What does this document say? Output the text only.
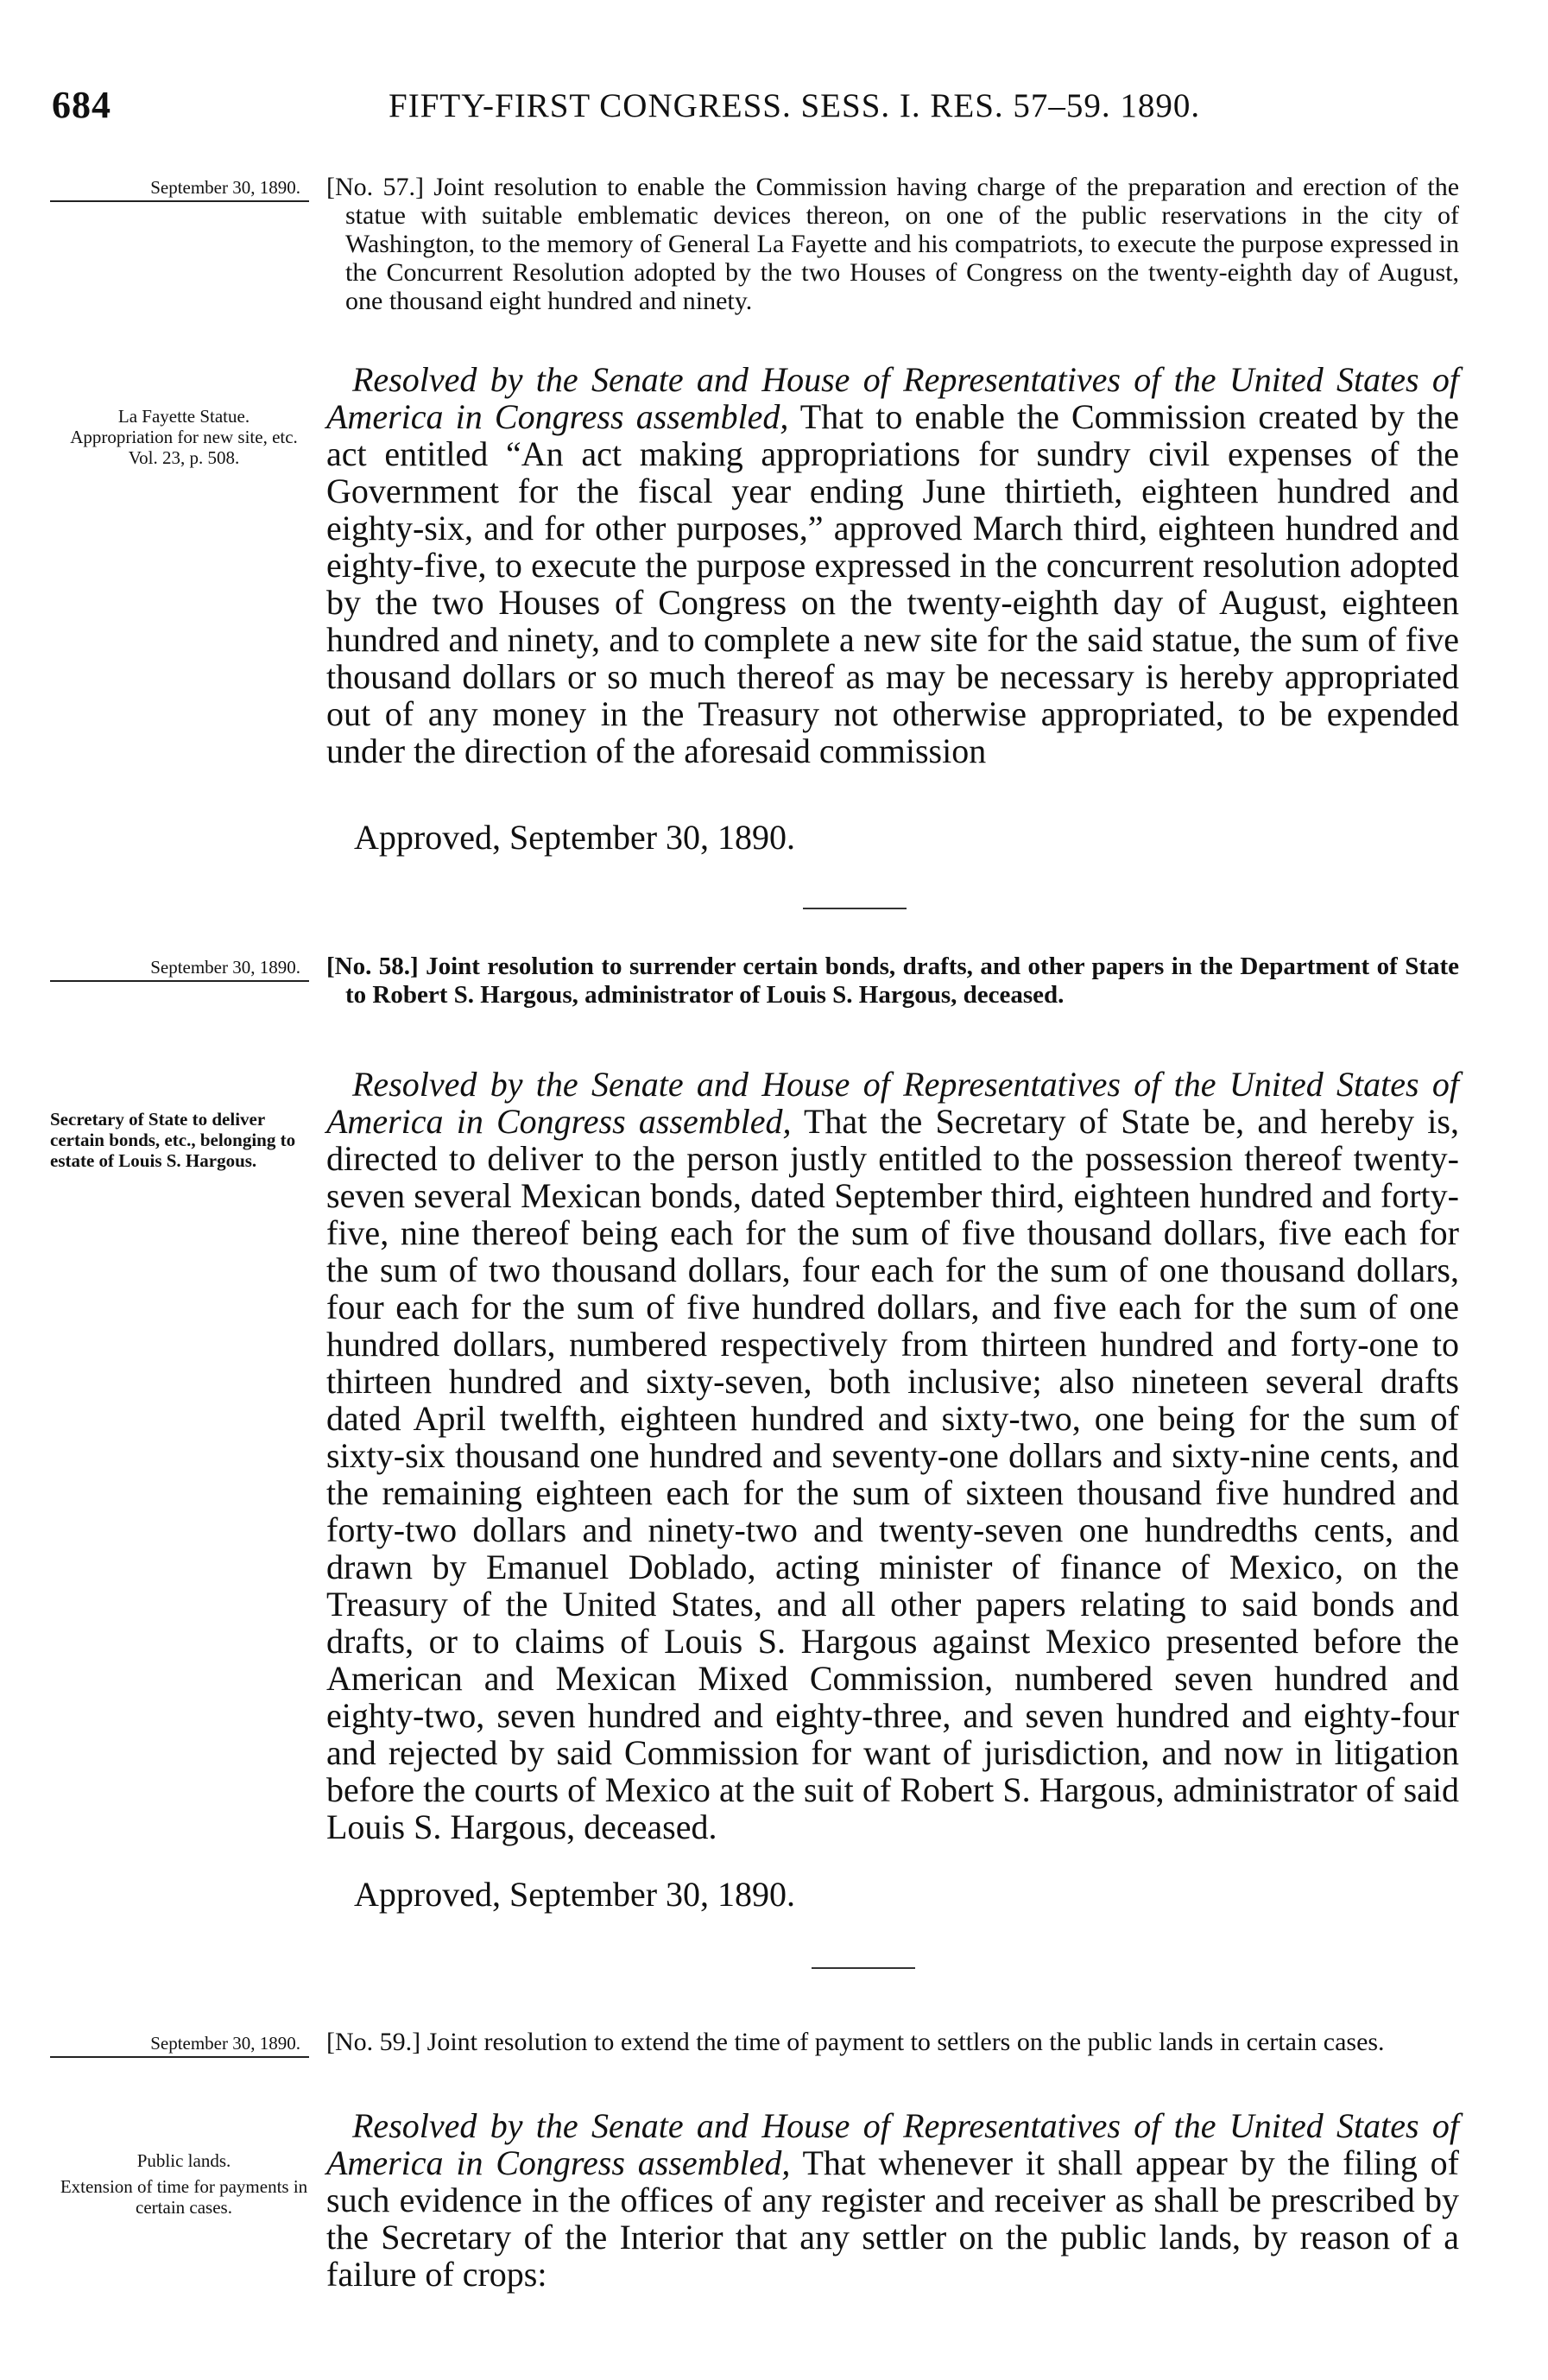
684	FIFTY-FIRST CONGRESS. SESS. I. RES. 57–59. 1890.
September 30, 1890. [No. 57.] Joint resolution to enable the Commission having charge of the preparation and erection of the statue with suitable emblematic devices thereon, on one of the public reservations in the city of Washington, to the memory of General La Fayette and his compatriots, to execute the purpose expressed in the Concurrent Resolution adopted by the two Houses of Congress on the twenty-eighth day of August, one thousand eight hundred and ninety.
La Fayette Statue.
Appropriation for new site, etc.
Vol. 23, p. 508.

Resolved by the Senate and House of Representatives of the United States of America in Congress assembled, That to enable the Commission created by the act entitled “An act making appropriations for sundry civil expenses of the Government for the fiscal year ending June thirtieth, eighteen hundred and eighty-six, and for other purposes,” approved March third, eighteen hundred and eighty-five, to execute the purpose expressed in the concurrent resolution adopted by the two Houses of Congress on the twenty-eighth day of August, eighteen hundred and ninety, and to complete a new site for the said statue, the sum of five thousand dollars or so much thereof as may be necessary is hereby appropriated out of any money in the Treasury not otherwise appropriated, to be expended under the direction of the aforesaid commission

Approved, September 30, 1890.
September 30, 1890. [No. 58.] Joint resolution to surrender certain bonds, drafts, and other papers in the Department of State to Robert S. Hargous, administrator of Louis S. Hargous, deceased.
Secretary of State to deliver certain bonds, etc., belonging to estate of Louis S. Hargous.

Resolved by the Senate and House of Representatives of the United States of America in Congress assembled, That the Secretary of State be, and hereby is, directed to deliver to the person justly entitled to the possession thereof twenty-seven several Mexican bonds, dated September third, eighteen hundred and forty-five, nine thereof being each for the sum of five thousand dollars, five each for the sum of two thousand dollars, four each for the sum of one thousand dollars, four each for the sum of five hundred dollars, and five each for the sum of one hundred dollars, numbered respectively from thirteen hundred and forty-one to thirteen hundred and sixty-seven, both inclusive; also nineteen several drafts dated April twelfth, eighteen hundred and sixty-two, one being for the sum of sixty-six thousand one hundred and seventy-one dollars and sixty-nine cents, and the remaining eighteen each for the sum of sixteen thousand five hundred and forty-two dollars and ninety-two and twenty-seven one hundredths cents, and drawn by Emanuel Doblado, acting minister of finance of Mexico, on the Treasury of the United States, and all other papers relating to said bonds and drafts, or to claims of Louis S. Hargous against Mexico presented before the American and Mexican Mixed Commission, numbered seven hundred and eighty-two, seven hundred and eighty-three, and seven hundred and eighty-four and rejected by said Commission for want of jurisdiction, and now in litigation before the courts of Mexico at the suit of Robert S. Hargous, administrator of said Louis S. Hargous, deceased.

Approved, September 30, 1890.
September 30, 1890. [No. 59.] Joint resolution to extend the time of payment to settlers on the public lands in certain cases.
Public lands.
Extension of time for payments in certain cases.

Resolved by the Senate and House of Representatives of the United States of America in Congress assembled, That whenever it shall appear by the filing of such evidence in the offices of any register and receiver as shall be prescribed by the Secretary of the Interior that any settler on the public lands, by reason of a failure of crops:
